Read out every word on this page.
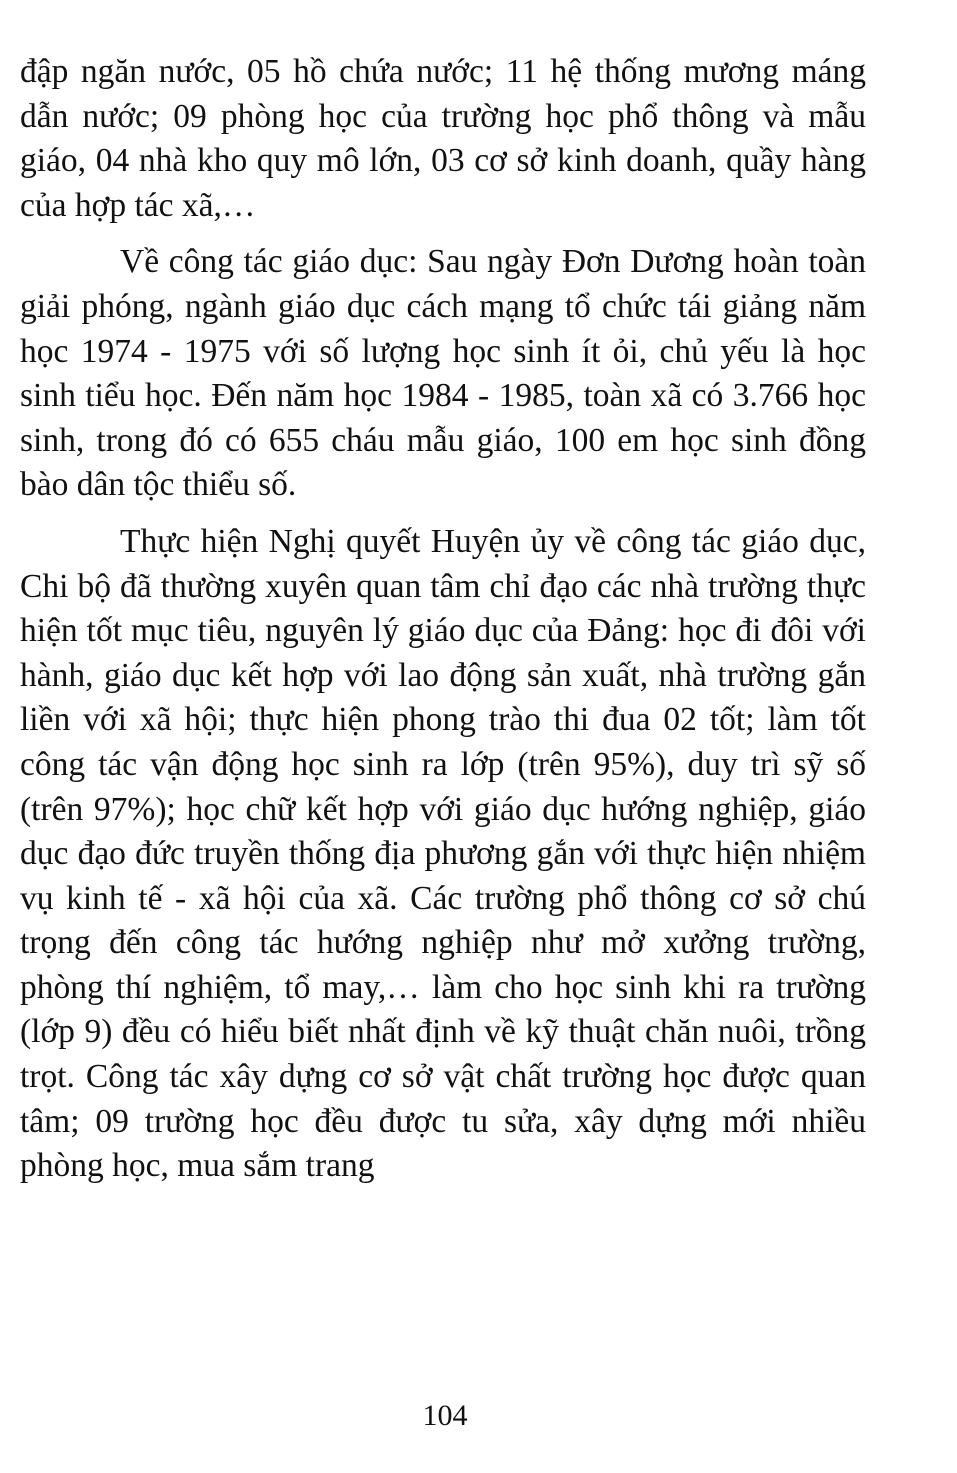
đập ngăn nước, 05 hồ chứa nước; 11 hệ thống mương máng dẫn nước; 09 phòng học của trường học phổ thông và mẫu giáo, 04 nhà kho quy mô lớn, 03 cơ sở kinh doanh, quầy hàng của hợp tác xã,…

Về công tác giáo dục: Sau ngày Đơn Dương hoàn toàn giải phóng, ngành giáo dục cách mạng tổ chức tái giảng năm học 1974 - 1975 với số lượng học sinh ít ỏi, chủ yếu là học sinh tiểu học. Đến năm học 1984 - 1985, toàn xã có 3.766 học sinh, trong đó có 655 cháu mẫu giáo, 100 em học sinh đồng bào dân tộc thiểu số.

Thực hiện Nghị quyết Huyện ủy về công tác giáo dục, Chi bộ đã thường xuyên quan tâm chỉ đạo các nhà trường thực hiện tốt mục tiêu, nguyên lý giáo dục của Đảng: học đi đôi với hành, giáo dục kết hợp với lao động sản xuất, nhà trường gắn liền với xã hội; thực hiện phong trào thi đua 02 tốt; làm tốt công tác vận động học sinh ra lớp (trên 95%), duy trì sỹ số (trên 97%); học chữ kết hợp với giáo dục hướng nghiệp, giáo dục đạo đức truyền thống địa phương gắn với thực hiện nhiệm vụ kinh tế - xã hội của xã. Các trường phổ thông cơ sở chú trọng đến công tác hướng nghiệp như mở xưởng trường, phòng thí nghiệm, tổ may,… làm cho học sinh khi ra trường (lớp 9) đều có hiểu biết nhất định về kỹ thuật chăn nuôi, trồng trọt. Công tác xây dựng cơ sở vật chất trường học được quan tâm; 09 trường học đều được tu sửa, xây dựng mới nhiều phòng học, mua sắm trang

104
